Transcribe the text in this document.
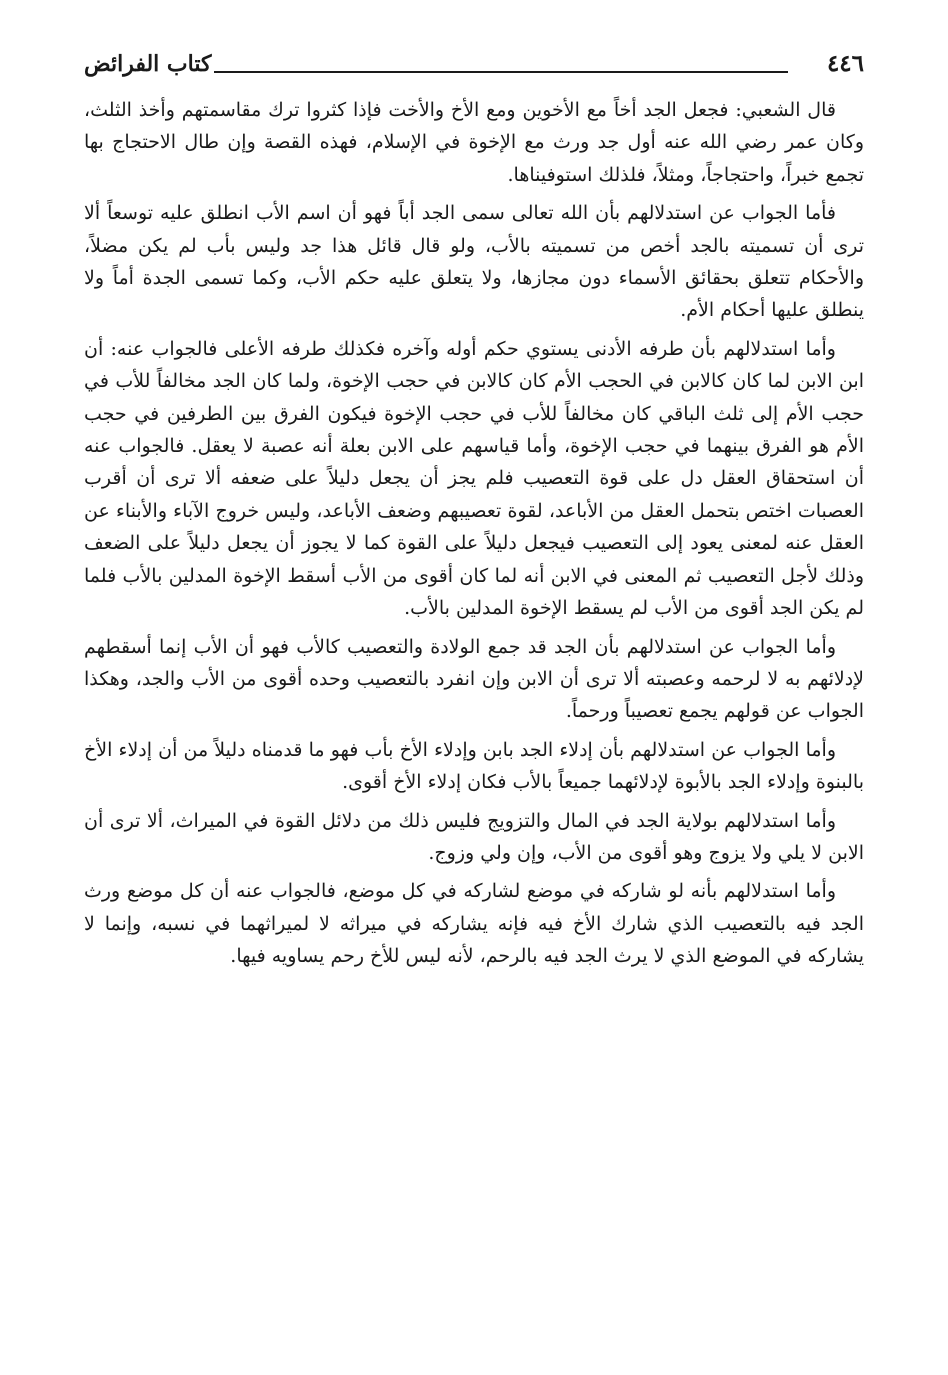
٤٤٦
كتاب الفرائض

قال الشعبي: فجعل الجد أخاً مع الأخوين ومع الأخ والأخت فإذا كثروا ترك مقاسمتهم وأخذ الثلث، وكان عمر رضي الله عنه أول جد ورث مع الإخوة في الإسلام، فهذه القصة وإن طال الاحتجاج بها تجمع خبراً، واحتجاجاً، ومثلاً، فلذلك استوفيناها.

فأما الجواب عن استدلالهم بأن الله تعالى سمى الجد أباً فهو أن اسم الأب انطلق عليه توسعاً ألا ترى أن تسميته بالجد أخص من تسميته بالأب، ولو قال قائل هذا جد وليس بأب لم يكن مضلاً، والأحكام تتعلق بحقائق الأسماء دون مجازها، ولا يتعلق عليه حكم الأب، وكما تسمى الجدة أماً ولا ينطلق عليها أحكام الأم.

وأما استدلالهم بأن طرفه الأدنى يستوي حكم أوله وآخره فكذلك طرفه الأعلى فالجواب عنه: أن ابن الابن لما كان كالابن في الحجب الأم كان كالابن في حجب الإخوة، ولما كان الجد مخالفاً للأب في حجب الأم إلى ثلث الباقي كان مخالفاً للأب في حجب الإخوة فيكون الفرق بين الطرفين في حجب الأم هو الفرق بينهما في حجب الإخوة، وأما قياسهم على الابن بعلة أنه عصبة لا يعقل. فالجواب عنه أن استحقاق العقل دل على قوة التعصيب فلم يجز أن يجعل دليلاً على ضعفه ألا ترى أن أقرب العصبات اختص بتحمل العقل من الأباعد، لقوة تعصيبهم وضعف الأباعد، وليس خروج الآباء والأبناء عن العقل عنه لمعنى يعود إلى التعصيب فيجعل دليلاً على القوة كما لا يجوز أن يجعل دليلاً على الضعف وذلك لأجل التعصيب ثم المعنى في الابن أنه لما كان أقوى من الأب أسقط الإخوة المدلين بالأب فلما لم يكن الجد أقوى من الأب لم يسقط الإخوة المدلين بالأب.

وأما الجواب عن استدلالهم بأن الجد قد جمع الولادة والتعصيب كالأب فهو أن الأب إنما أسقطهم لإدلائهم به لا لرحمه وعصبته ألا ترى أن الابن وإن انفرد بالتعصيب وحده أقوى من الأب والجد، وهكذا الجواب عن قولهم يجمع تعصيباً ورحماً.

وأما الجواب عن استدلالهم بأن إدلاء الجد بابن وإدلاء الأخ بأب فهو ما قدمناه دليلاً من أن إدلاء الأخ بالبنوة وإدلاء الجد بالأبوة لإدلائهما جميعاً بالأب فكان إدلاء الأخ أقوى.

وأما استدلالهم بولاية الجد في المال والتزويج فليس ذلك من دلائل القوة في الميراث، ألا ترى أن الابن لا يلي ولا يزوج وهو أقوى من الأب، وإن ولي وزوج.

وأما استدلالهم بأنه لو شاركه في موضع لشاركه في كل موضع، فالجواب عنه أن كل موضع ورث الجد فيه بالتعصيب الذي شارك الأخ فيه فإنه يشاركه في ميراثه لا لميراثهما في نسبه، وإنما لا يشاركه في الموضع الذي لا يرث الجد فيه بالرحم، لأنه ليس للأخ رحم يساويه فيها.
